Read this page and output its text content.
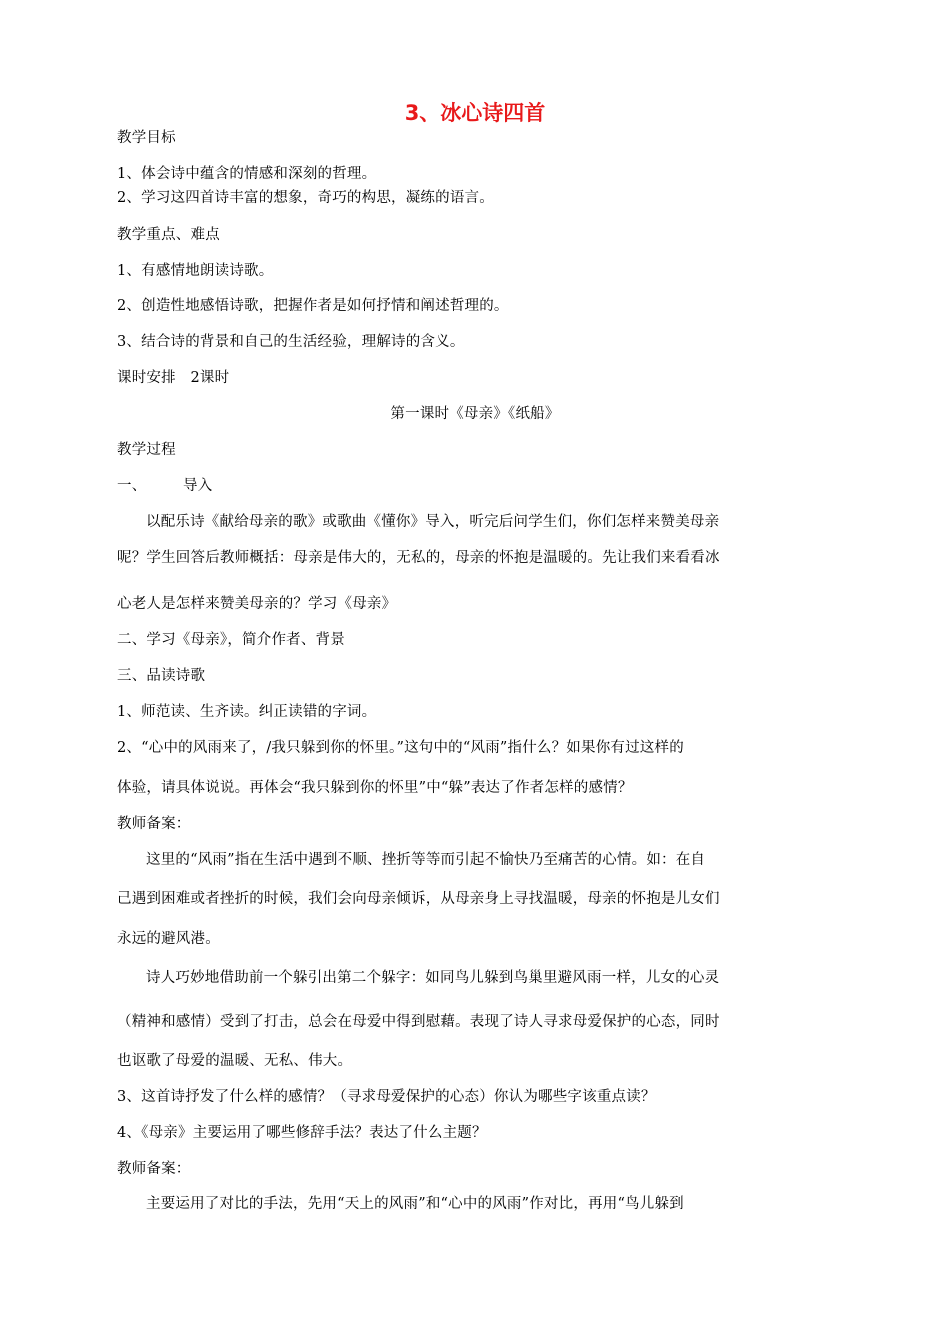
3、冰心诗四首
教学目标
1、体会诗中蕴含的情感和深刻的哲理。
2、学习这四首诗丰富的想象，奇巧的构思，凝练的语言。
教学重点、难点
1、有感情地朗读诗歌。
2、创造性地感悟诗歌，把握作者是如何抒情和阐述哲理的。
3、结合诗的背景和自己的生活经验，理解诗的含义。
课时安排　2课时
第一课时《母亲》《纸船》
教学过程
一、	导入
以配乐诗《献给母亲的歌》或歌曲《懂你》导入，听完后问学生们，你们怎样来赞美母亲
呢？学生回答后教师概括：母亲是伟大的，无私的，母亲的怀抱是温暖的。先让我们来看看冰
心老人是怎样来赞美母亲的？学习《母亲》
二、学习《母亲》，简介作者、背景
三、品读诗歌
1、师范读、生齐读。纠正读错的字词。
2、“心中的风雨来了，/我只躲到你的怀里。”这句中的“风雨”指什么？如果你有过这样的
体验，请具体说说。再体会“我只躲到你的怀里”中“躲”表达了作者怎样的感情？
教师备案：
这里的“风雨”指在生活中遇到不顺、挫折等等而引起不愉快乃至痛苦的心情。如：在自
己遇到困难或者挫折的时候，我们会向母亲倾诉，从母亲身上寻找温暖，母亲的怀抱是儿女们
永远的避风港。
诗人巧妙地借助前一个躲引出第二个躲字：如同鸟儿躲到鸟巢里避风雨一样，儿女的心灵
（精神和感情）受到了打击，总会在母爱中得到慰藉。表现了诗人寻求母爱保护的心态，同时
也讴歌了母爱的温暖、无私、伟大。
3、这首诗抒发了什么样的感情？（寻求母爱保护的心态）你认为哪些字该重点读？
4、《母亲》主要运用了哪些修辞手法？表达了什么主题？
教师备案：
主要运用了对比的手法，先用“天上的风雨”和“心中的风雨”作对比，再用“鸟儿躲到
